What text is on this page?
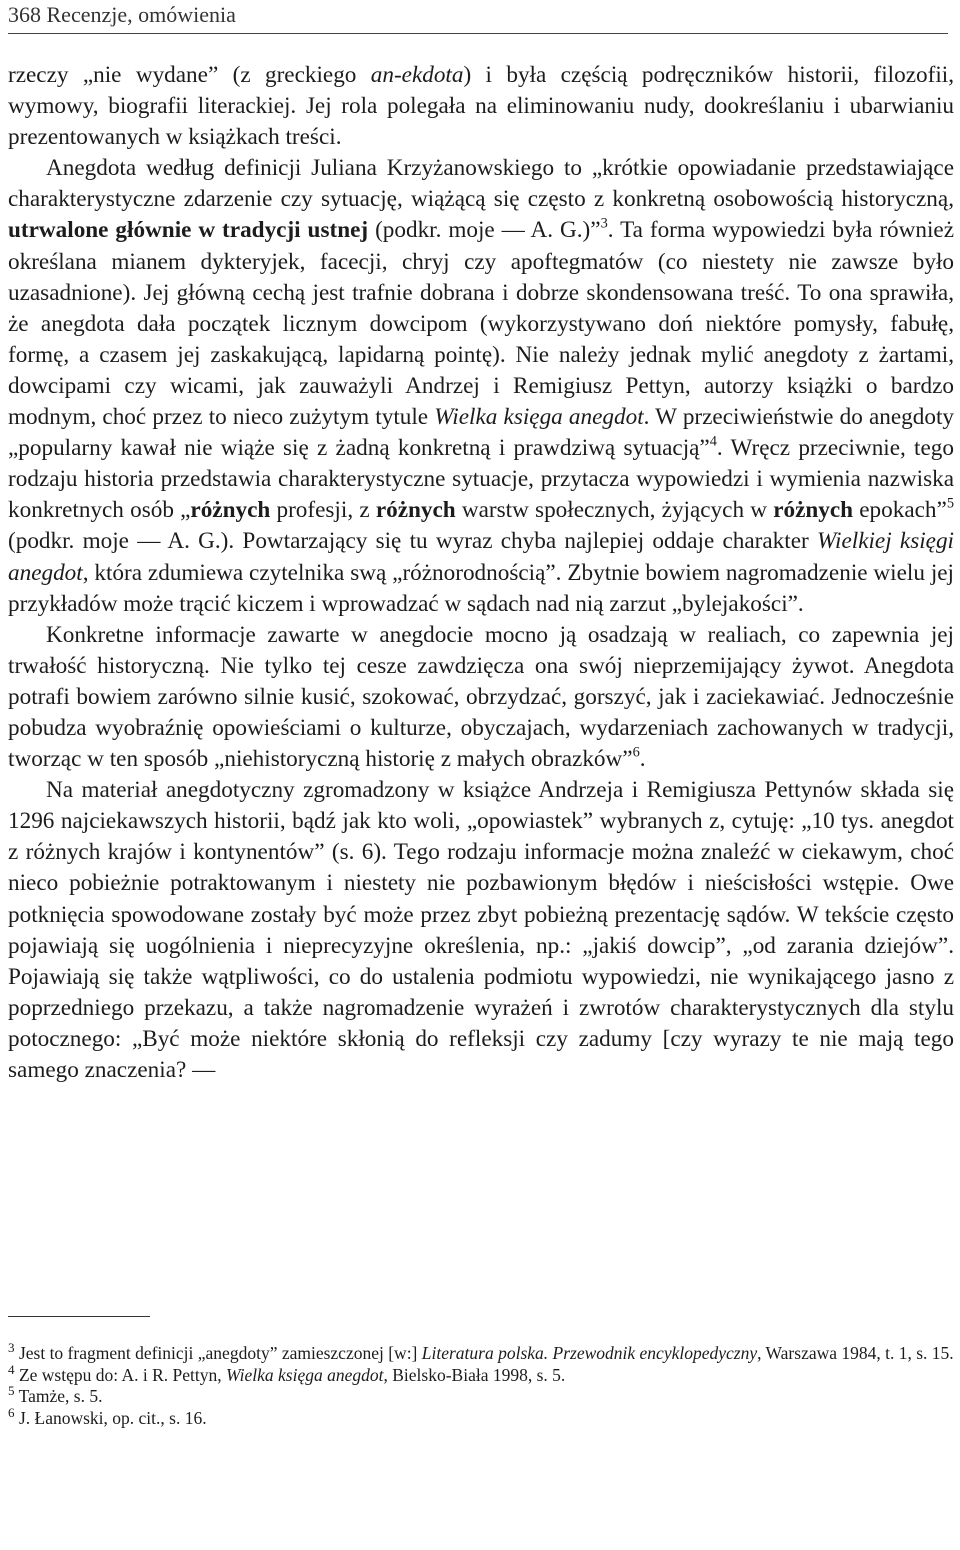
368 Recenzje, omówienia

rzeczy „nie wydane” (z greckiego an-ekdota) i była częścią podręczników historii, filozofii, wymowy, biografii literackiej. Jej rola polegała na eliminowaniu nudy, dookreślaniu i ubarwianiu prezentowanych w książkach treści.

Anegdota według definicji Juliana Krzyżanowskiego to „krótkie opowiadanie przedstawiające charakterystyczne zdarzenie czy sytuację, wiążącą się często z konkretną osobowością historyczną, utrwalone głównie w tradycji ustnej (podkr. moje — A. G.)”$^3$. Ta forma wypowiedzi była również określana mianem dykteryjek, facecji, chryj czy apoftegmatów (co niestety nie zawsze było uzasadnione). Jej główną cechą jest trafnie dobrana i dobrze skondensowana treść. To ona sprawiła, że anegdota dała początek licznym dowcipom (wykorzystywano doń niektóre pomysły, fabułę, formę, a czasem jej zaskakującą, lapidarną pointę). Nie należy jednak mylić anegdoty z żartami, dowcipami czy wicami, jak zauważyli Andrzej i Remigiusz Pettyn, autorzy książki o bardzo modnym, choć przez to nieco zużytym tytule Wielka księga anegdot. W przeciwieństwie do anegdoty „popularny kawał nie wiąże się z żadną konkretną i prawdziwą sytuacją”$^4$. Wręcz przeciwnie, tego rodzaju historia przedstawia charakterystyczne sytuacje, przytacza wypowiedzi i wymienia nazwiska konkretnych osób „różnych profesji, z różnych warstw społecznych, żyjących w różnych epokach”$^5$ (podkr. moje — A. G.). Powtarzający się tu wyraz chyba najlepiej oddaje charakter Wielkiej księgi anegdot, która zdumiewa czytelnika swą „różnorodnością”. Zbytnie bowiem nagromadzenie wielu jej przykładów może trącić kiczem i wprowadzać w sądach nad nią zarzut „bylejakości”.

Konkretne informacje zawarte w anegdocie mocno ją osadzają w realiach, co zapewnia jej trwałość historyczną. Nie tylko tej cesze zawdzięcza ona swój nieprzemijający żywot. Anegdota potrafi bowiem zarówno silnie kusić, szokować, obrzydzać, gorszyć, jak i zaciekawiać. Jednocześnie pobudza wyobraźnię opowieściami o kulturze, obyczajach, wydarzeniach zachowanych w tradycji, tworząc w ten sposób „niehistoryczną historię z małych obrazków”$^6$.

Na materiał anegdotyczny zgromadzony w książce Andrzeja i Remigiusza Pettynów składa się 1296 najciekawszych historii, bądź jak kto woli, „opowiastek” wybranych z, cytuję: „10 tys. anegdot z różnych krajów i kontynentów” (s. 6). Tego rodzaju informacje można znaleźć w ciekawym, choć nieco pobieżnie potraktowanym i niestety nie pozbawionym błędów i nieścisłości wstępie. Owe potknięcia spowodowane zostały być może przez zbyt pobieżną prezentację sądów. W tekście często pojawiają się uogólnienia i nieprecyzyjne określenia, np.: „jakiś dowcip”, „od zarania dziejów”. Pojawiają się także wątpliwości, co do ustalenia podmiotu wypowiedzi, nie wynikającego jasno z poprzedniego przekazu, a także nagromadzenie wyrażeń i zwrotów charakterystycznych dla stylu potocznego: „Być może niektóre skłonią do refleksji czy zadumy [czy wyrazy te nie mają tego samego znaczenia? —

$^3$ Jest to fragment definicji „anegdoty” zamieszczonej [w:] Literatura polska. Przewodnik encyklopedyczny, Warszawa 1984, t. 1, s. 15.

$^4$ Ze wstępu do: A. i R. Pettyn, Wielka księga anegdot, Bielsko-Biała 1998, s. 5.

$^5$ Tamże, s. 5.

$^6$ J. Łanowski, op. cit., s. 16.
